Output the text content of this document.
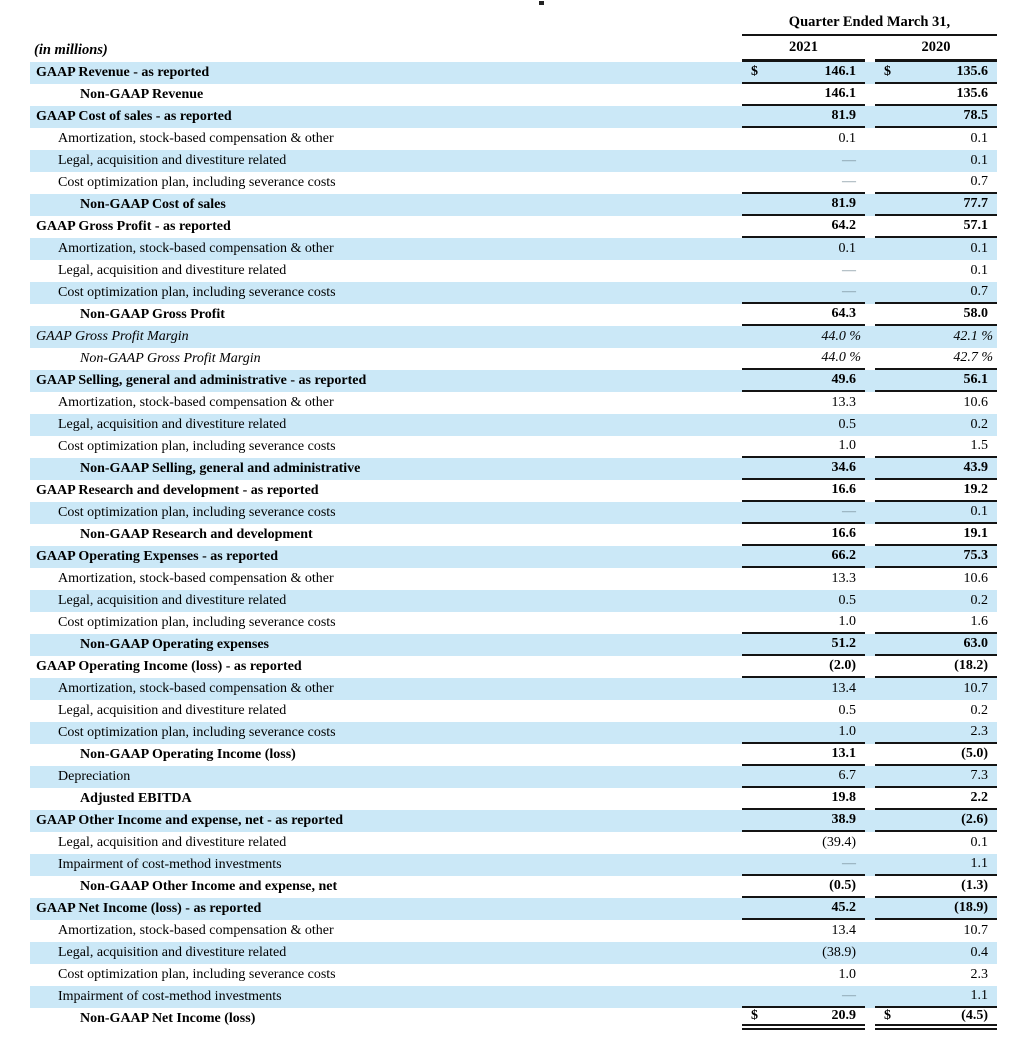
Quarter Ended March 31,
(in millions)	2021	2020
GAAP Revenue - as reported	$	146.1	$	135.6
Non-GAAP Revenue	146.1	135.6
GAAP Cost of sales - as reported	81.9	78.5
Amortization, stock-based compensation & other	0.1	0.1
Legal, acquisition and divestiture related	—	0.1
Cost optimization plan, including severance costs	—	0.7
Non-GAAP Cost of sales	81.9	77.7
GAAP Gross Profit - as reported	64.2	57.1
Amortization, stock-based compensation & other	0.1	0.1
Legal, acquisition and divestiture related	—	0.1
Cost optimization plan, including severance costs	—	0.7
Non-GAAP Gross Profit	64.3	58.0
GAAP Gross Profit Margin	44.0 %	42.1 %
Non-GAAP Gross Profit Margin	44.0 %	42.7 %
GAAP Selling, general and administrative - as reported	49.6	56.1
Amortization, stock-based compensation & other	13.3	10.6
Legal, acquisition and divestiture related	0.5	0.2
Cost optimization plan, including severance costs	1.0	1.5
Non-GAAP Selling, general and administrative	34.6	43.9
GAAP Research and development - as reported	16.6	19.2
Cost optimization plan, including severance costs	—	0.1
Non-GAAP Research and development	16.6	19.1
GAAP Operating Expenses - as reported	66.2	75.3
Amortization, stock-based compensation & other	13.3	10.6
Legal, acquisition and divestiture related	0.5	0.2
Cost optimization plan, including severance costs	1.0	1.6
Non-GAAP Operating expenses	51.2	63.0
GAAP Operating Income (loss) - as reported	(2.0)	(18.2)
Amortization, stock-based compensation & other	13.4	10.7
Legal, acquisition and divestiture related	0.5	0.2
Cost optimization plan, including severance costs	1.0	2.3
Non-GAAP Operating Income (loss)	13.1	(5.0)
Depreciation	6.7	7.3
Adjusted EBITDA	19.8	2.2
GAAP Other Income and expense, net - as reported	38.9	(2.6)
Legal, acquisition and divestiture related	(39.4)	0.1
Impairment of cost-method investments	—	1.1
Non-GAAP Other Income and expense, net	(0.5)	(1.3)
GAAP Net Income (loss) - as reported	45.2	(18.9)
Amortization, stock-based compensation & other	13.4	10.7
Legal, acquisition and divestiture related	(38.9)	0.4
Cost optimization plan, including severance costs	1.0	2.3
Impairment of cost-method investments	—	1.1
Non-GAAP Net Income (loss)	$	20.9	$	(4.5)
